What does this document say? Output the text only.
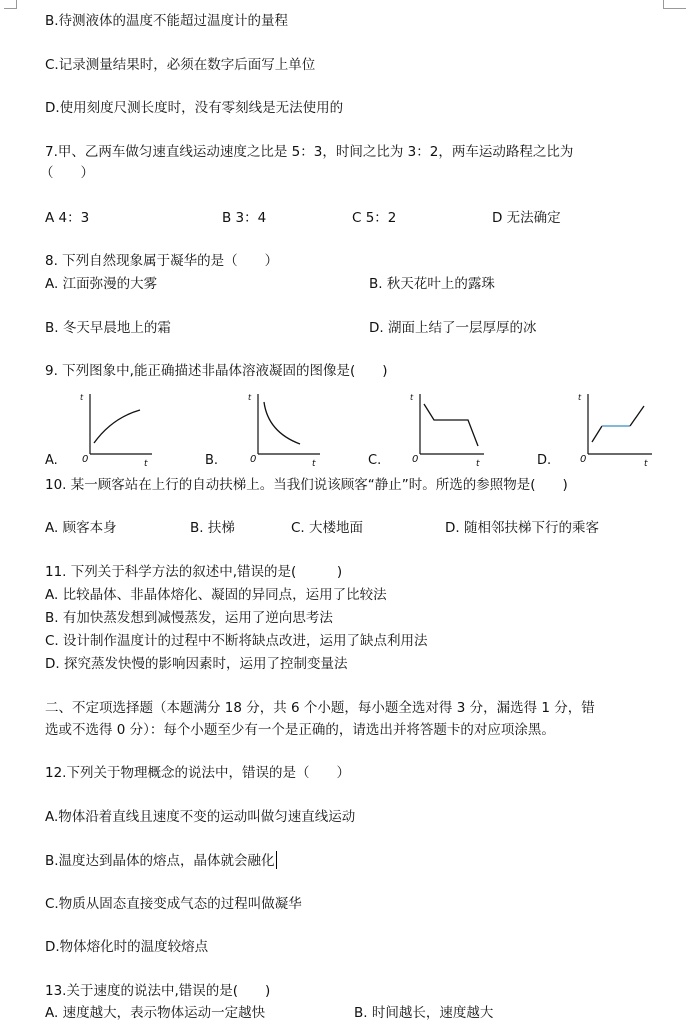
B.待测液体的温度不能超过温度计的量程
C.记录测量结果时，必须在数字后面写上单位
D.使用刻度尺测长度时，没有零刻线是无法使用的
7.甲、乙两车做匀速直线运动速度之比是 5：3，时间之比为 3：2，两车运动路程之比为
（　　）
A 4：3	B 3：4	C 5：2	D 无法确定
8. 下列自然现象属于凝华的是（　　）
A. 江面弥漫的大雾	B. 秋天花叶上的露珠
B. 冬天早晨地上的霜	D. 湖面上结了一层厚厚的冰
9. 下列图象中,能正确描述非晶体溶液凝固的图像是(　　)
A.
t
0	t	B.
t
0	t	C.
t
0	t	D.
t
0	t
10. 某一顾客站在上行的自动扶梯上。当我们说该顾客“静止”时。所选的参照物是(　　)
A. 顾客本身	B. 扶梯	C. 大楼地面	D. 随相邻扶梯下行的乘客
11. 下列关于科学方法的叙述中,错误的是(　　　)
A. 比较晶体、非晶体熔化、凝固的异同点，运用了比较法
B. 有加快蒸发想到减慢蒸发，运用了逆向思考法
C. 设计制作温度计的过程中不断将缺点改进，运用了缺点利用法
D. 探究蒸发快慢的影响因素时，运用了控制变量法
二、不定项选择题（本题满分 18 分，共 6 个小题，每小题全选对得 3 分，漏选得 1 分，错
选或不选得 0 分）：每个小题至少有一个是正确的，请选出并将答题卡的对应项涂黑。
12.下列关于物理概念的说法中，错误的是（　　）
A.物体沿着直线且速度不变的运动叫做匀速直线运动
B.温度达到晶体的熔点，晶体就会融化
C.物质从固态直接变成气态的过程叫做凝华
D.物体熔化时的温度较熔点
13.关于速度的说法中,错误的是(　　)
A. 速度越大，表示物体运动一定越快	B. 时间越长，速度越大
